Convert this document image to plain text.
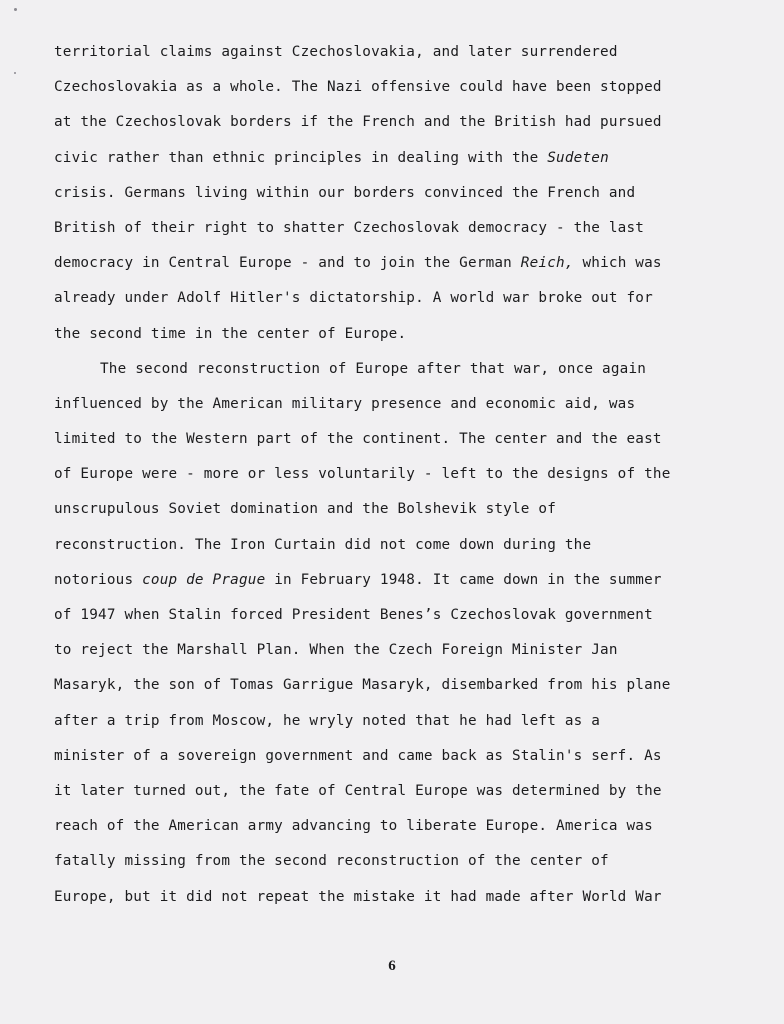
territorial claims against Czechoslovakia, and later surrendered
Czechoslovakia as a whole. The Nazi offensive could have been stopped
at the Czechoslovak borders if the French and the British had pursued
civic rather than ethnic principles in dealing with the Sudeten
crisis. Germans living within our borders convinced the French and
British of their right to shatter Czechoslovak democracy - the last
democracy in Central Europe - and to join the German Reich, which was
already under Adolf Hitler's dictatorship. A world war broke out for
the second time in the center of Europe.
The second reconstruction of Europe after that war, once again
influenced by the American military presence and economic aid, was
limited to the Western part of the continent. The center and the east
of Europe were - more or less voluntarily - left to the designs of the
unscrupulous Soviet domination and the Bolshevik style of
reconstruction. The Iron Curtain did not come down during the
notorious coup de Prague in February 1948. It came down in the summer
of 1947 when Stalin forced President Benes’s Czechoslovak government
to reject the Marshall Plan. When the Czech Foreign Minister Jan
Masaryk, the son of Tomas Garrigue Masaryk, disembarked from his plane
after a trip from Moscow, he wryly noted that he had left as a
minister of a sovereign government and came back as Stalin's serf. As
it later turned out, the fate of Central Europe was determined by the
reach of the American army advancing to liberate Europe. America was
fatally missing from the second reconstruction of the center of
Europe, but it did not repeat the mistake it had made after World War
6
